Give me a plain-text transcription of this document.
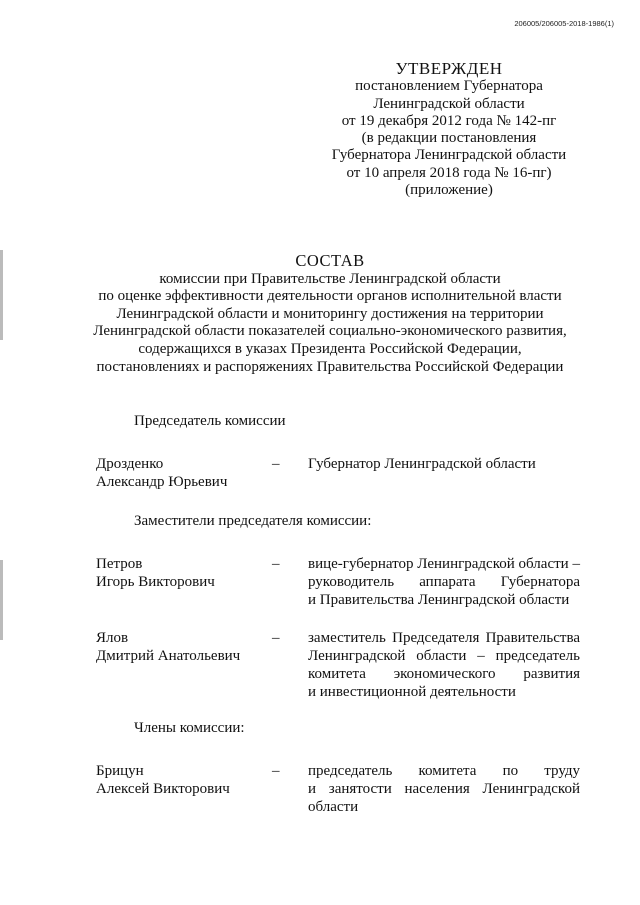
206005/206005-2018-1986(1)
УТВЕРЖДЕН
постановлением Губернатора
Ленинградской области
от 19 декабря 2012 года № 142-пг
(в редакции постановления
Губернатора Ленинградской области
от 10 апреля 2018 года № 16-пг)
(приложение)
СОСТАВ
комиссии при Правительстве Ленинградской области
по оценке эффективности деятельности органов исполнительной власти
Ленинградской области и мониторингу достижения на территории
Ленинградской области показателей социально-экономического развития,
содержащихся в указах Президента Российской Федерации,
постановлениях и распоряжениях Правительства Российской Федерации
Председатель комиссии
Дрозденко
Александр Юрьевич
– Губернатор Ленинградской области
Заместители председателя комиссии:
Петров
Игорь Викторович
– вице-губернатор Ленинградской области –
руководитель аппарата Губернатора
и Правительства Ленинградской области
Ялов
Дмитрий Анатольевич
– заместитель Председателя Правительства
Ленинградской области – председатель
комитета экономического развития
и инвестиционной деятельности
Члены комиссии:
Брицун
Алексей Викторович
– председатель комитета по труду
и занятости населения Ленинградской
области
